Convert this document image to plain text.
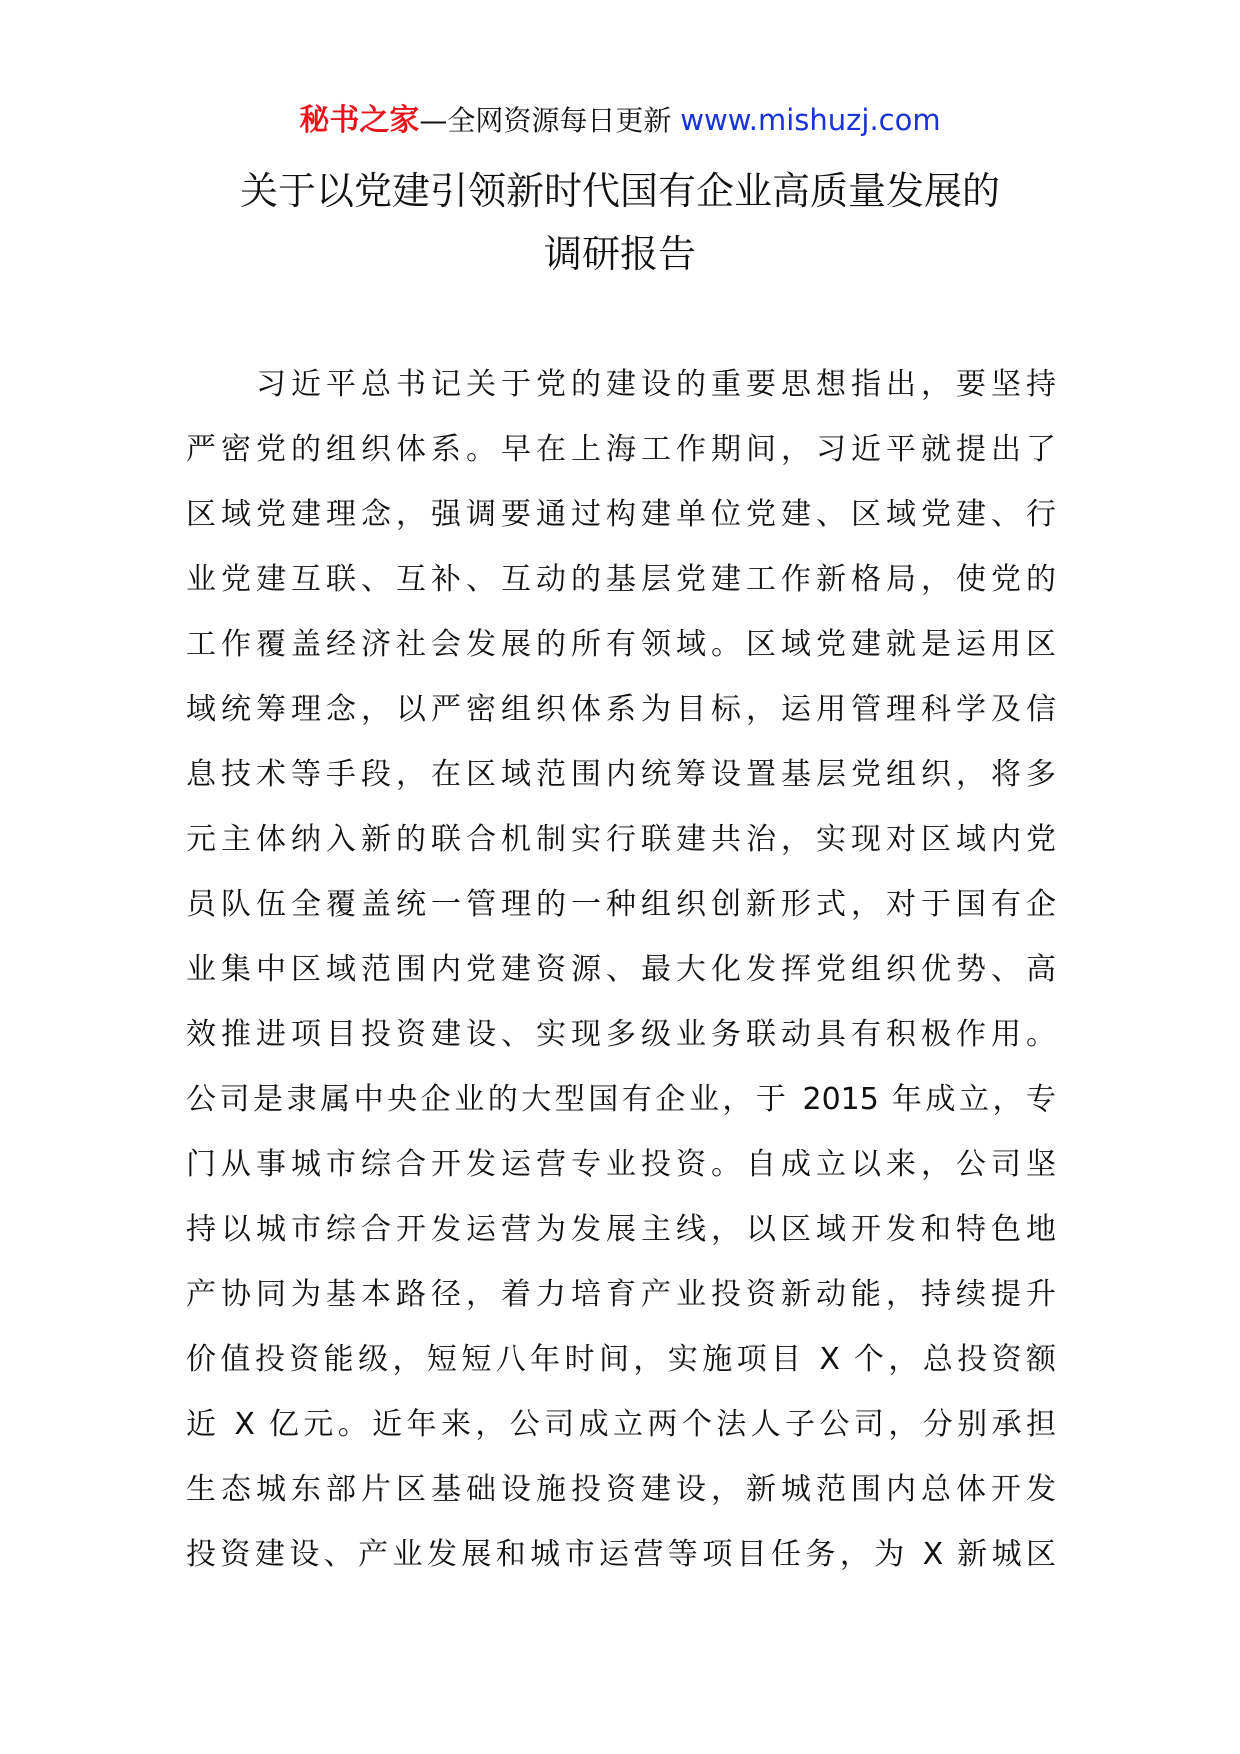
秘书之家—全网资源每日更新 www.mishuzj.com
关于以党建引领新时代国有企业高质量发展的
调研报告
习近平总书记关于党的建设的重要思想指出，要坚持
严密党的组织体系。早在上海工作期间，习近平就提出了
区域党建理念，强调要通过构建单位党建、区域党建、行
业党建互联、互补、互动的基层党建工作新格局，使党的
工作覆盖经济社会发展的所有领域。区域党建就是运用区
域统筹理念，以严密组织体系为目标，运用管理科学及信
息技术等手段，在区域范围内统筹设置基层党组织，将多
元主体纳入新的联合机制实行联建共治，实现对区域内党
员队伍全覆盖统一管理的一种组织创新形式，对于国有企
业集中区域范围内党建资源、最大化发挥党组织优势、高
效推进项目投资建设、实现多级业务联动具有积极作用。
公司是隶属中央企业的大型国有企业，于 2015 年成立，专
门从事城市综合开发运营专业投资。自成立以来，公司坚
持以城市综合开发运营为发展主线，以区域开发和特色地
产协同为基本路径，着力培育产业投资新动能，持续提升
价值投资能级，短短八年时间，实施项目 X 个，总投资额
近 X 亿元。近年来，公司成立两个法人子公司，分别承担
生态城东部片区基础设施投资建设，新城范围内总体开发
投资建设、产业发展和城市运营等项目任务，为 X 新城区
